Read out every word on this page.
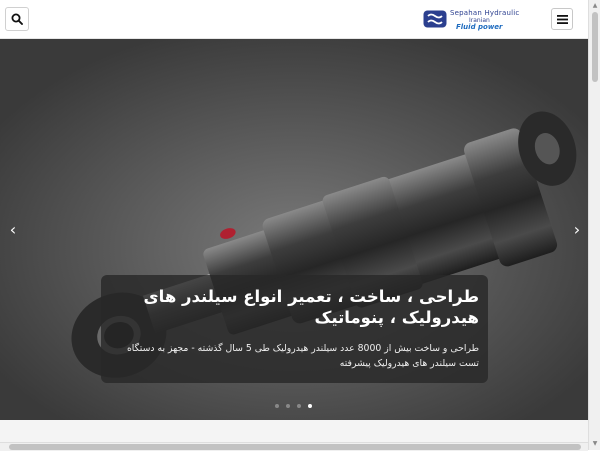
Sepahan Hydraulic
Iranian
Fluid power
‹	›
طراحی ، ساخت ، تعمیر انواع سیلندر های هیدرولیک ، پنوماتیک
طراحی و ساخت بیش از 8000 عدد سیلندر هیدرولیک طی 5 سال گذشته - مجهز به دستگاه تست سیلندر های هیدرولیک پیشرفته
▲
▼
